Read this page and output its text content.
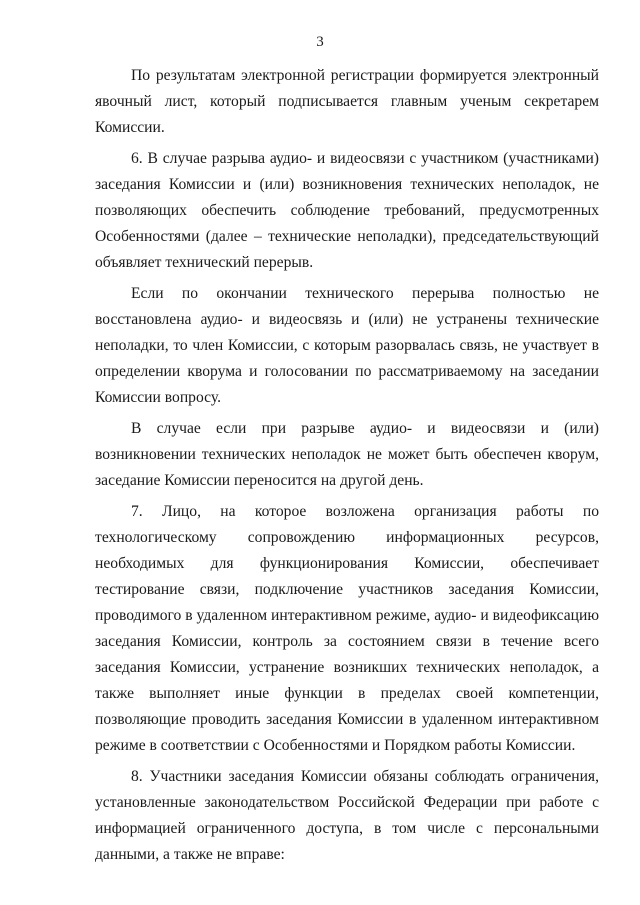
3

По результатам электронной регистрации формируется электронный явочный лист, который подписывается главным ученым секретарем Комиссии.

6. В случае разрыва аудио- и видеосвязи с участником (участниками) заседания Комиссии и (или) возникновения технических неполадок, не позволяющих обеспечить соблюдение требований, предусмотренных Особенностями (далее – технические неполадки), председательствующий объявляет технический перерыв.

Если по окончании технического перерыва полностью не восстановлена аудио- и видеосвязь и (или) не устранены технические неполадки, то член Комиссии, с которым разорвалась связь, не участвует в определении кворума и голосовании по рассматриваемому на заседании Комиссии вопросу.

В случае если при разрыве аудио- и видеосвязи и (или) возникновении технических неполадок не может быть обеспечен кворум, заседание Комиссии переносится на другой день.

7. Лицо, на которое возложена организация работы по технологическому сопровождению информационных ресурсов, необходимых для функционирования Комиссии, обеспечивает тестирование связи, подключение участников заседания Комиссии, проводимого в удаленном интерактивном режиме, аудио- и видеофиксацию заседания Комиссии, контроль за состоянием связи в течение всего заседания Комиссии, устранение возникших технических неполадок, а также выполняет иные функции в пределах своей компетенции, позволяющие проводить заседания Комиссии в удаленном интерактивном режиме в соответствии с Особенностями и Порядком работы Комиссии.

8. Участники заседания Комиссии обязаны соблюдать ограничения, установленные законодательством Российской Федерации при работе с информацией ограниченного доступа, в том числе с персональными данными, а также не вправе:
